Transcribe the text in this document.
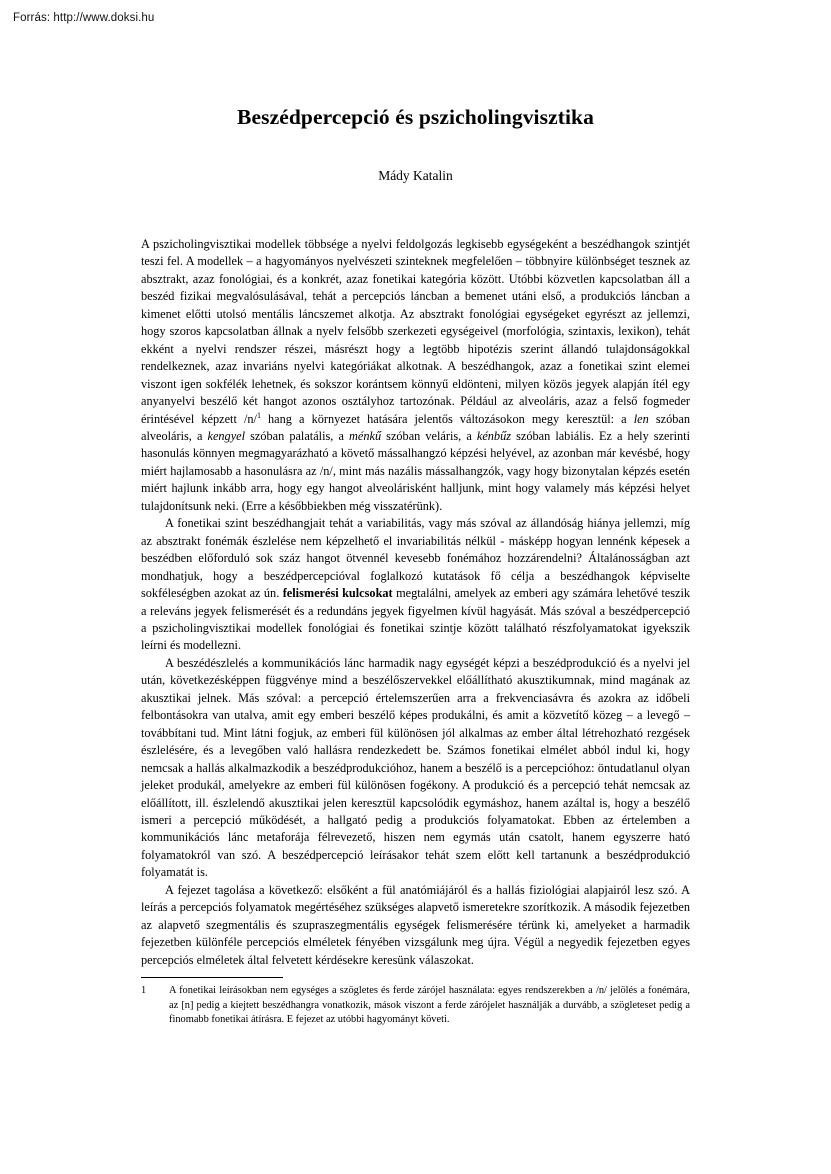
Forrás: http://www.doksi.hu
Beszédpercepció és pszicholingvisztika
Mády Katalin

A pszicholingvisztikai modellek többsége a nyelvi feldolgozás legkisebb egységeként a beszédhangok szintjét teszi fel. A modellek – a hagyományos nyelvészeti szinteknek megfelelően – többnyire különbséget tesznek az absztrakt, azaz fonológiai, és a konkrét, azaz fonetikai kategória között. Utóbbi közvetlen kapcsolatban áll a beszéd fizikai megvalósulásával, tehát a percepciós láncban a bemenet utáni első, a produkciós láncban a kimenet előtti utolsó mentális láncszemet alkotja. Az absztrakt fonológiai egységeket egyrészt az jellemzi, hogy szoros kapcsolatban állnak a nyelv felsőbb szerkezeti egységeivel (morfológia, szintaxis, lexikon), tehát ekként a nyelvi rendszer részei, másrészt hogy a legtöbb hipotézis szerint állandó tulajdonságokkal rendelkeznek, azaz invariáns nyelvi kategóriákat alkotnak. A beszédhangok, azaz a fonetikai szint elemei viszont igen sokfélék lehetnek, és sokszor korántsem könnyű eldönteni, milyen közös jegyek alapján ítél egy anyanyelvi beszélő két hangot azonos osztályhoz tartozónak. Például az alveoláris, azaz a felső fogmeder érintésével képzett /n/$^1$ hang a környezet hatására jelentős változásokon megy keresztül: a len szóban alveoláris, a kengyel szóban palatális, a ménkű szóban veláris, a kénbűz szóban labiális. Ez a hely szerinti hasonulás könnyen megmagyarázható a követő mássalhangzó képzési helyével, az azonban már kevésbé, hogy miért hajlamosabb a hasonulásra az /n/, mint más nazális mássalhangzók, vagy hogy bizonytalan képzés esetén miért hajlunk inkább arra, hogy egy hangot alveolárisként halljunk, mint hogy valamely más képzési helyet tulajdonítsunk neki. (Erre a későbbiekben még visszatérünk).

A fonetikai szint beszédhangjait tehát a variabilitás, vagy más szóval az állandóság hiánya jellemzi, míg az absztrakt fonémák észlelése nem képzelhető el invariabilitás nélkül - másképp hogyan lennénk képesek a beszédben előforduló sok száz hangot ötvennél kevesebb fonémához hozzárendelni? Általánosságban azt mondhatjuk, hogy a beszédpercepcióval foglalkozó kutatások fő célja a beszédhangok képviselte sokféleségben azokat az ún. felismerési kulcsokat megtalálni, amelyek az emberi agy számára lehetővé teszik a releváns jegyek felismerését és a redundáns jegyek figyelmen kívül hagyását. Más szóval a beszédpercepció a pszicholingvisztikai modellek fonológiai és fonetikai szintje között található részfolyamatokat igyekszik leírni és modellezni.

A beszédészlelés a kommunikációs lánc harmadik nagy egységét képzi a beszédprodukció és a nyelvi jel után, következésképpen függvénye mind a beszélőszervekkel előállítható akusztikumnak, mind magának az akusztikai jelnek. Más szóval: a percepció értelemszerűen arra a frekvenciasávra és azokra az időbeli felbontásokra van utalva, amit egy emberi beszélő képes produkálni, és amit a közvetítő közeg – a levegő – továbbítani tud. Mint látni fogjuk, az emberi fül különösen jól alkalmas az ember által létrehozható rezgések észlelésére, és a levegőben való hallásra rendezkedett be. Számos fonetikai elmélet abból indul ki, hogy nemcsak a hallás alkalmazkodik a beszédprodukcióhoz, hanem a beszélő is a percepcióhoz: öntudatlanul olyan jeleket produkál, amelyekre az emberi fül különösen fogékony. A produkció és a percepció tehát nemcsak az előállított, ill. észlelendő akusztikai jelen keresztül kapcsolódik egymáshoz, hanem azáltal is, hogy a beszélő ismeri a percepció működését, a hallgató pedig a produkciós folyamatokat. Ebben az értelemben a kommunikációs lánc metaforája félrevezető, hiszen nem egymás után csatolt, hanem egyszerre ható folyamatokról van szó. A beszédpercepció leírásakor tehát szem előtt kell tartanunk a beszédprodukció folyamatát is.

A fejezet tagolása a következő: elsőként a fül anatómiájáról és a hallás fiziológiai alapjairól lesz szó. A leírás a percepciós folyamatok megértéséhez szükséges alapvető ismeretekre szorítkozik. A második fejezetben az alapvető szegmentális és szupraszegmentális egységek felismerésére térünk ki, amelyeket a harmadik fejezetben különféle percepciós elméletek fényében vizsgálunk meg újra. Végül a negyedik fejezetben egyes percepciós elméletek által felvetett kérdésekre keresünk válaszokat.

1	A fonetikai leírásokban nem egységes a szögletes és ferde zárójel használata: egyes rendszerekben a /n/ jelölés a fonémára, az [n] pedig a kiejtett beszédhangra vonatkozik, mások viszont a ferde zárójelet használják a durvább, a szögleteset pedig a finomabb fonetikai átírásra. E fejezet az utóbbi hagyományt követi.
